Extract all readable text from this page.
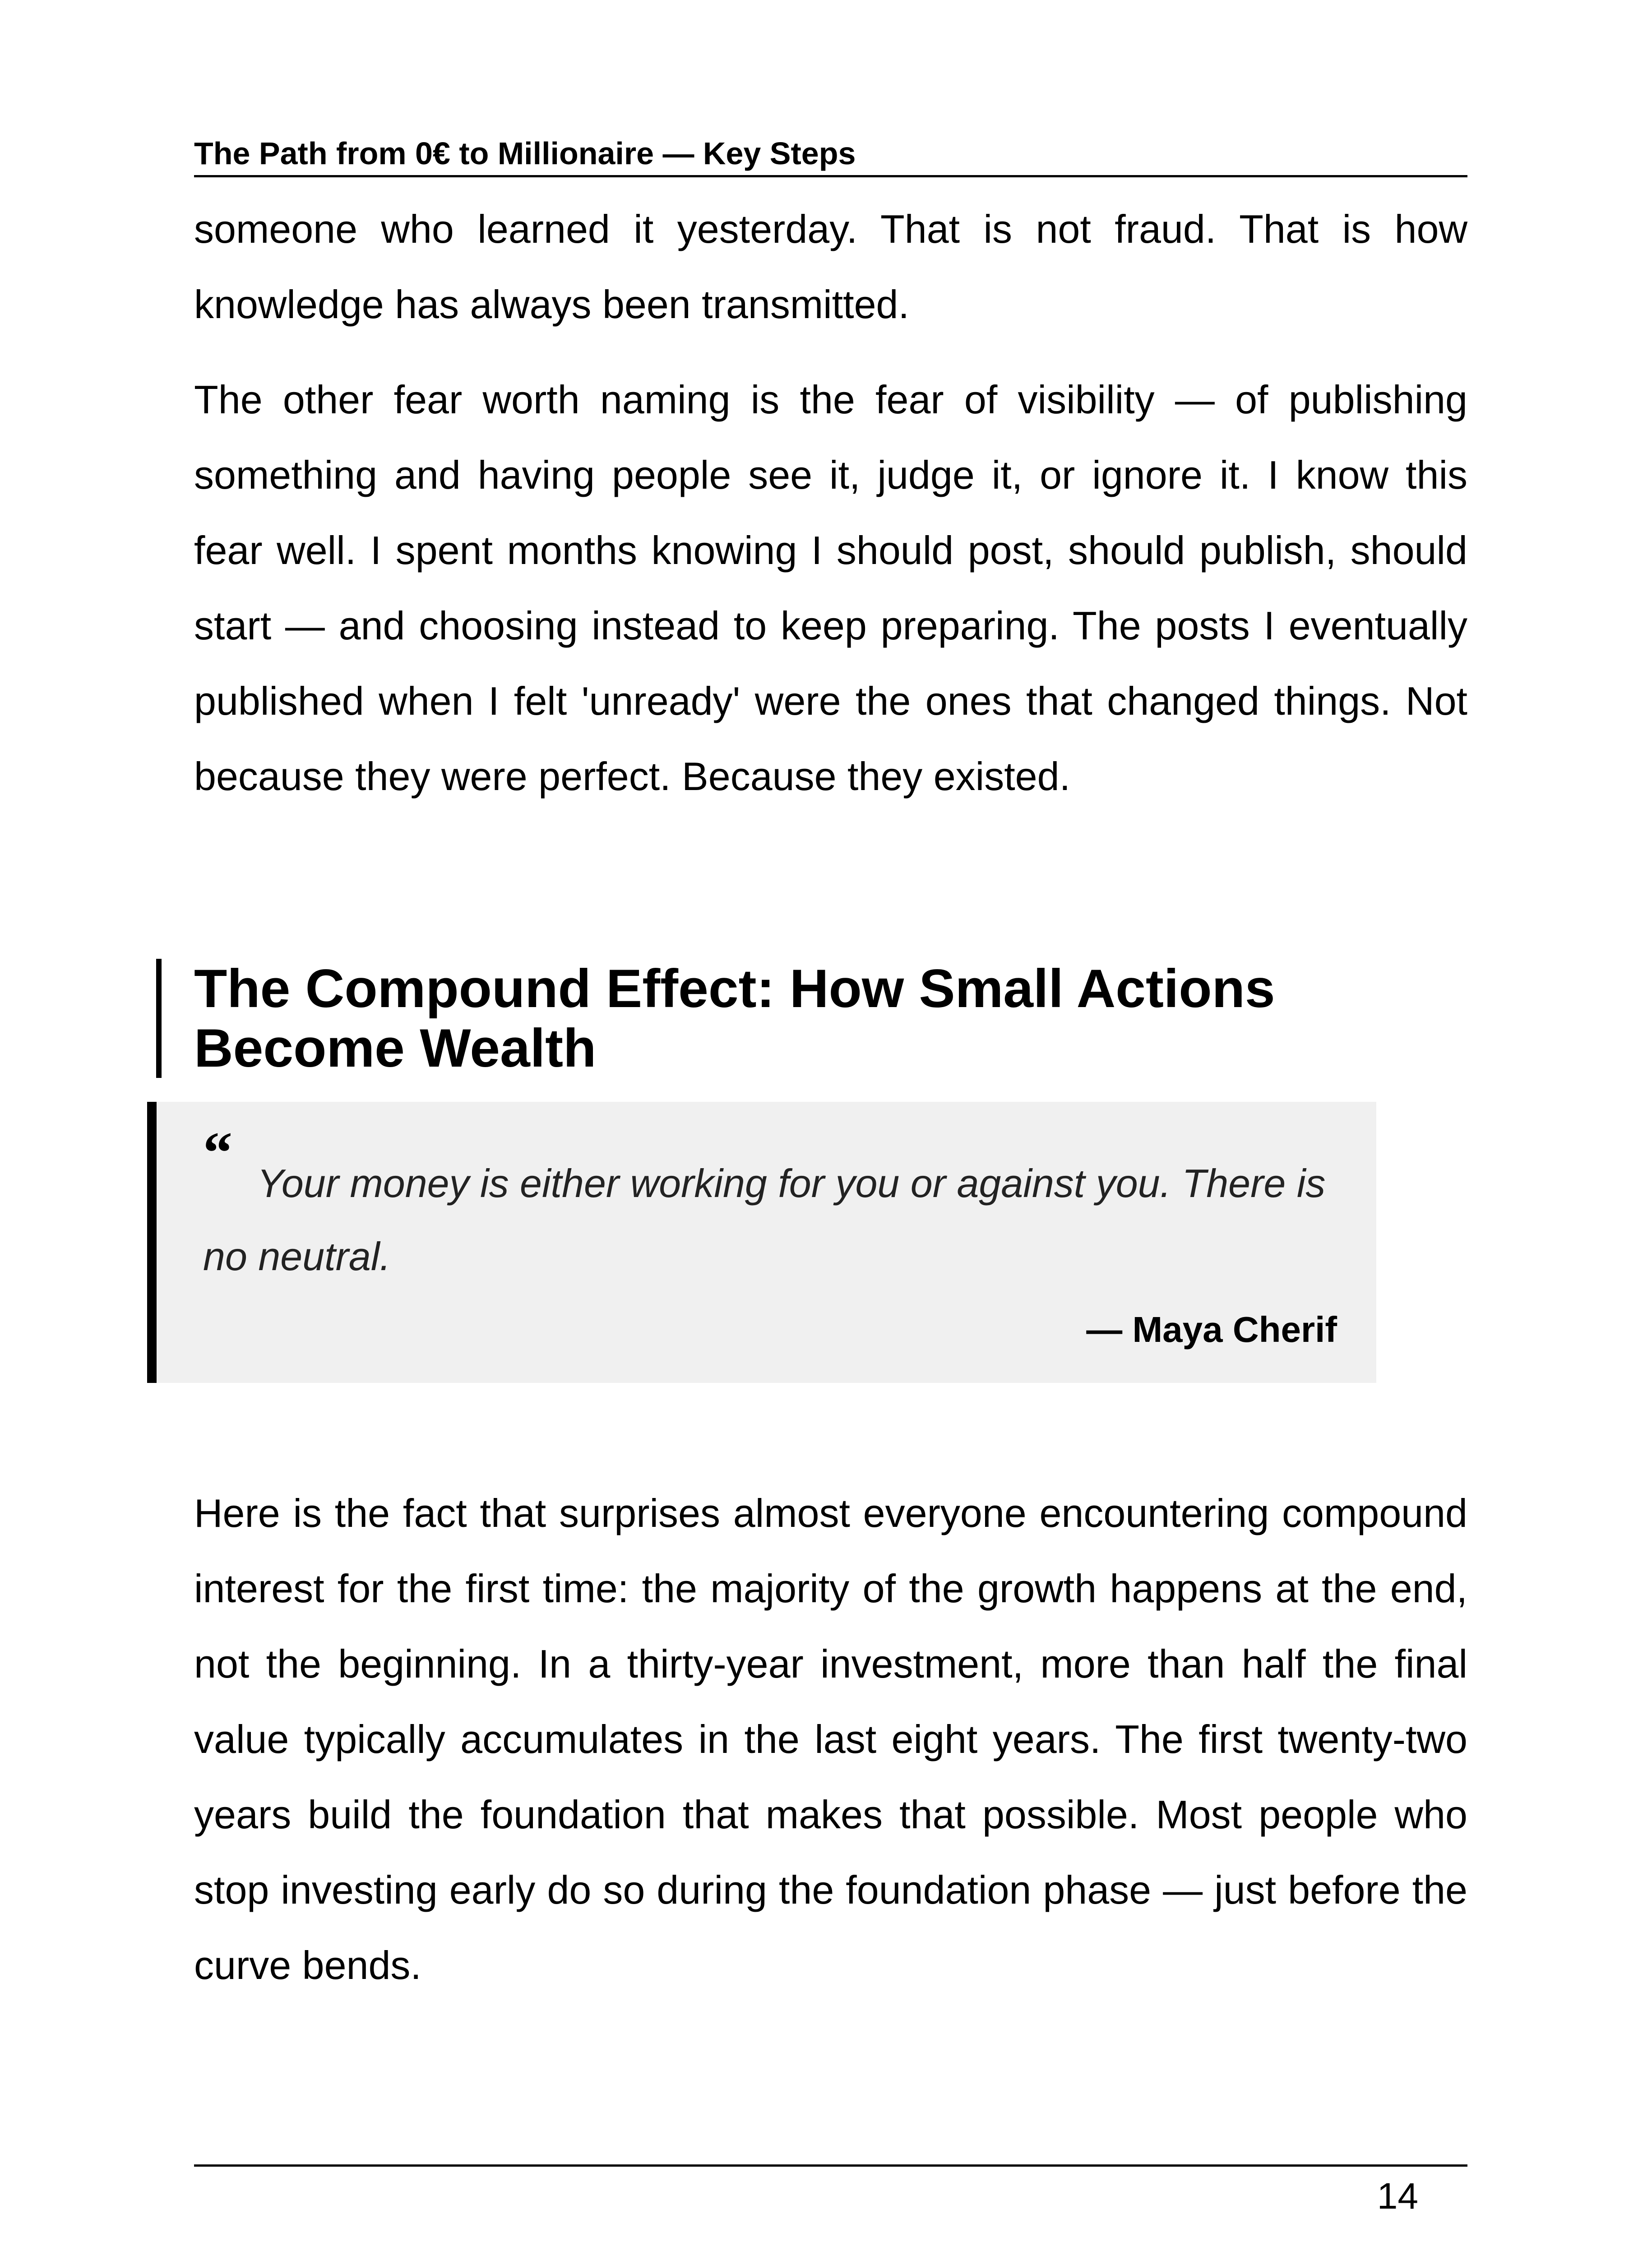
The Path from 0€ to Millionaire — Key Steps

someone who learned it yesterday. That is not fraud. That is how knowledge has always been transmitted.

The other fear worth naming is the fear of visibility — of publishing something and having people see it, judge it, or ignore it. I know this fear well. I spent months knowing I should post, should publish, should start — and choosing instead to keep preparing. The posts I eventually published when I felt 'unready' were the ones that changed things. Not because they were perfect. Because they existed.

The Compound Effect: How Small Actions Become Wealth
“ Your money is either working for you or against you. There is no neutral.

— Maya Cherif

Here is the fact that surprises almost everyone encountering compound interest for the first time: the majority of the growth happens at the end, not the beginning. In a thirty-year investment, more than half the final value typically accumulates in the last eight years. The first twenty-two years build the foundation that makes that possible. Most people who stop investing early do so during the foundation phase — just before the curve bends.

14
